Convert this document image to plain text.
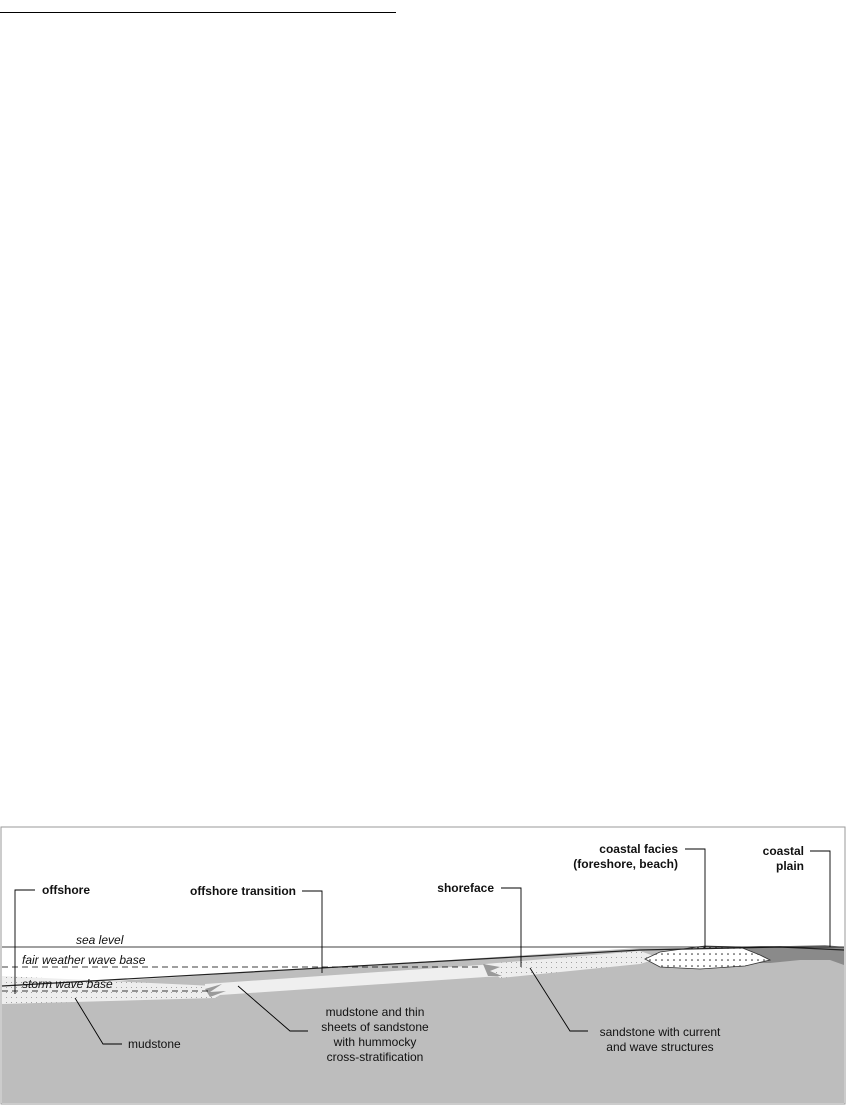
sea level
fair weather wave base
storm wave base
offshore	offshore transition	shoreface
coastal facies
(foreshore, beach)
coastal
plain
mudstone
mudstone and thin
sheets of sandstone
with hummocky
cross-stratification
sandstone with current
and wave structures
